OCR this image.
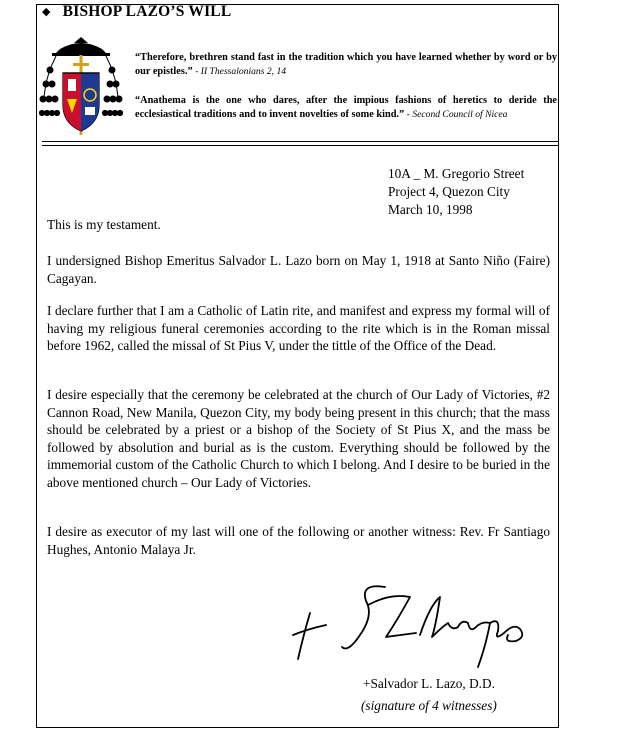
◆ BISHOP LAZO’S WILL
“Therefore, brethren stand fast in the tradition which you have learned whether by word or by our epistles.” - II Thessalonians 2, 14
“Anathema is the one who dares, after the impious fashions of heretics to deride the ecclesiastical traditions and to invent novelties of some kind.” - Second Council of Nicea
10A _ M. Gregorio Street
Project 4, Quezon City
March 10, 1998
This is my testament.
I undersigned Bishop Emeritus Salvador L. Lazo born on May 1, 1918 at Santo Niño (Faire) Cagayan.
I declare further that I am a Catholic of Latin rite, and manifest and express my formal will of having my religious funeral ceremonies according to the rite which is in the Roman missal before 1962, called the missal of St Pius V, under the tittle of the Office of the Dead.
I desire especially that the ceremony be celebrated at the church of Our Lady of Victories, #2 Cannon Road, New Manila, Quezon City, my body being present in this church; that the mass should be celebrated by a priest or a bishop of the Society of St Pius X, and the mass be followed by absolution and burial as is the custom. Everything should be followed by the immemorial custom of the Catholic Church to which I belong. And I desire to be buried in the above mentioned church – Our Lady of Victories.
I desire as executor of my last will one of the following or another witness: Rev. Fr Santiago Hughes, Antonio Malaya Jr.
+Salvador L. Lazo, D.D.
(signature of 4 witnesses)
